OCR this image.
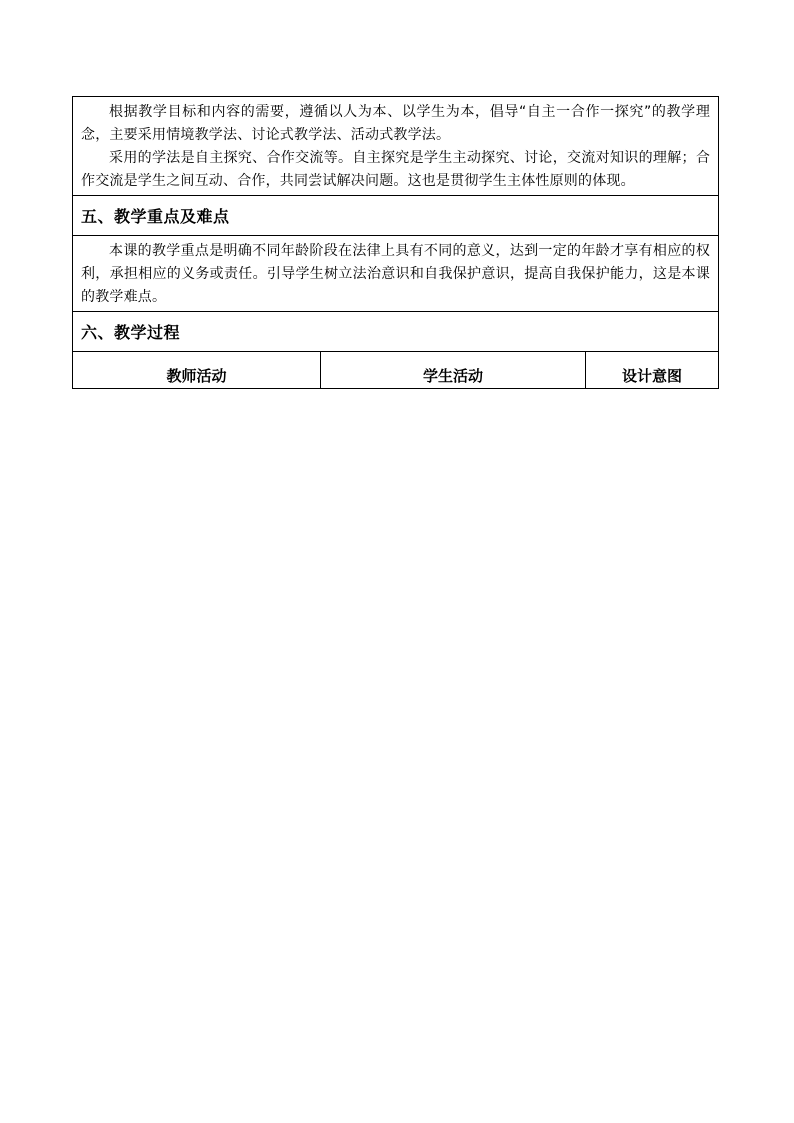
根据教学目标和内容的需要，遵循以人为本、以学生为本，倡导“自主一合作一探究”的教学理念，主要采用情境教学法、讨论式教学法、活动式教学法。

采用的学法是自主探究、合作交流等。自主探究是学生主动探究、讨论，交流对知识的理解；合作交流是学生之间互动、合作，共同尝试解决问题。这也是贯彻学生主体性原则的体现。

五、教学重点及难点

本课的教学重点是明确不同年龄阶段在法律上具有不同的意义，达到一定的年龄才享有相应的权利，承担相应的义务或责任。引导学生树立法治意识和自我保护意识，提高自我保护能力，这是本课的教学难点。

六、教学过程
教师活动	学生活动	设计意图
